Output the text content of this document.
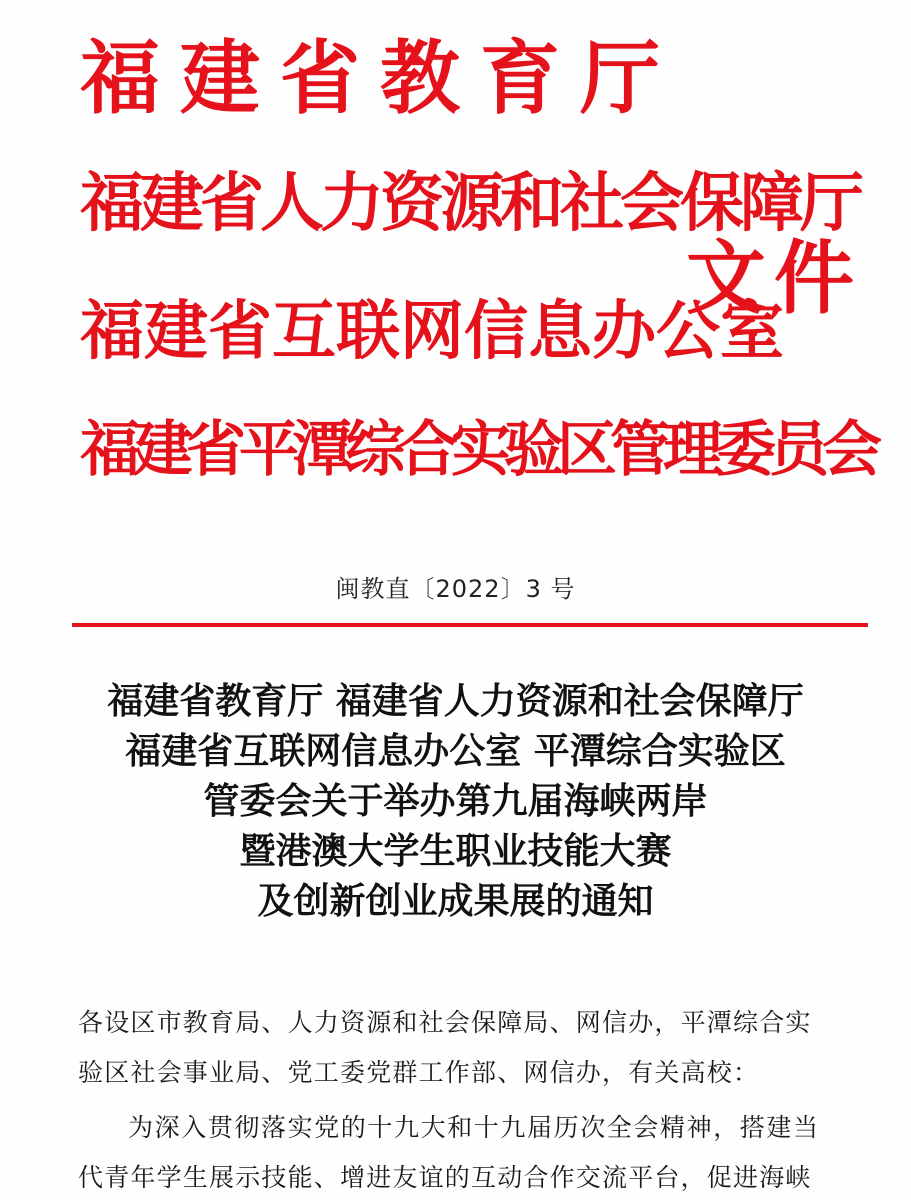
福建省教育厅
福建省人力资源和社会保障厅
福建省互联网信息办公室
福建省平潭综合实验区管理委员会
文件

闽教直〔2022〕3 号

福建省教育厅 福建省人力资源和社会保障厅
福建省互联网信息办公室 平潭综合实验区
管委会关于举办第九届海峡两岸
暨港澳大学生职业技能大赛
及创新创业成果展的通知

各设区市教育局、人力资源和社会保障局、网信办，平潭综合实

验区社会事业局、党工委党群工作部、网信办，有关高校：

为深入贯彻落实党的十九大和十九届历次全会精神，搭建当

代青年学生展示技能、增进友谊的互动合作交流平台，促进海峡
